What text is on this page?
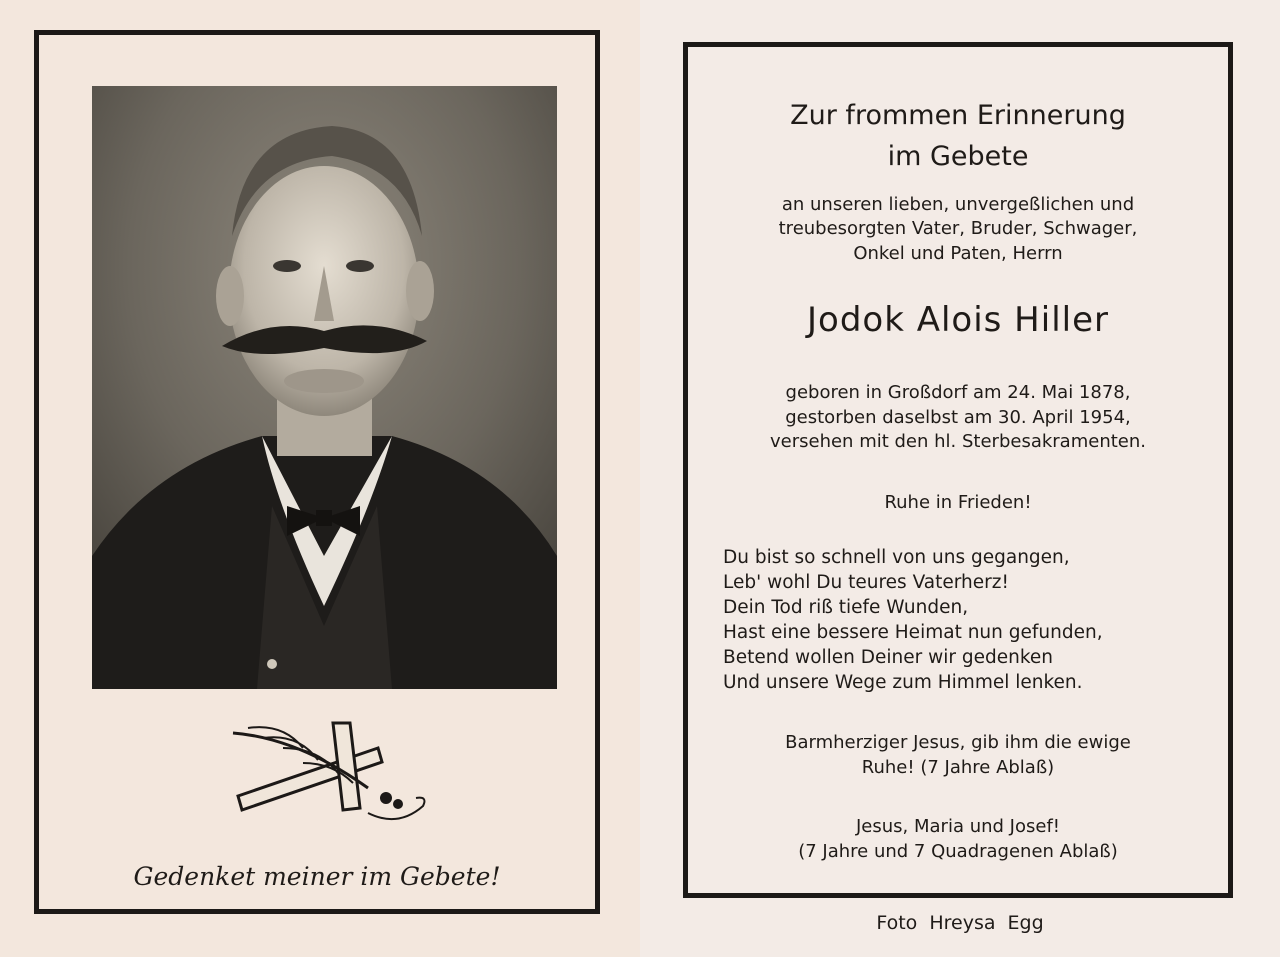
Gedenket meiner im Gebete!
Zur frommen Erinnerung
im Gebete
an unseren lieben, unvergeßlichen und
treubesorgten Vater, Bruder, Schwager,
Onkel und Paten, Herrn
Jodok Alois Hiller
geboren in Großdorf am 24. Mai 1878,
gestorben daselbst am 30. April 1954,
versehen mit den hl. Sterbesakramenten.
Ruhe in Frieden!
Du bist so schnell von uns gegangen,
Leb' wohl Du teures Vaterherz!
Dein Tod riß tiefe Wunden,
Hast eine bessere Heimat nun gefunden,
Betend wollen Deiner wir gedenken
Und unsere Wege zum Himmel lenken.
Barmherziger Jesus, gib ihm die ewige
Ruhe! (7 Jahre Ablaß)
Jesus, Maria und Josef!
(7 Jahre und 7 Quadragenen Ablaß)
Foto Hreysa Egg
